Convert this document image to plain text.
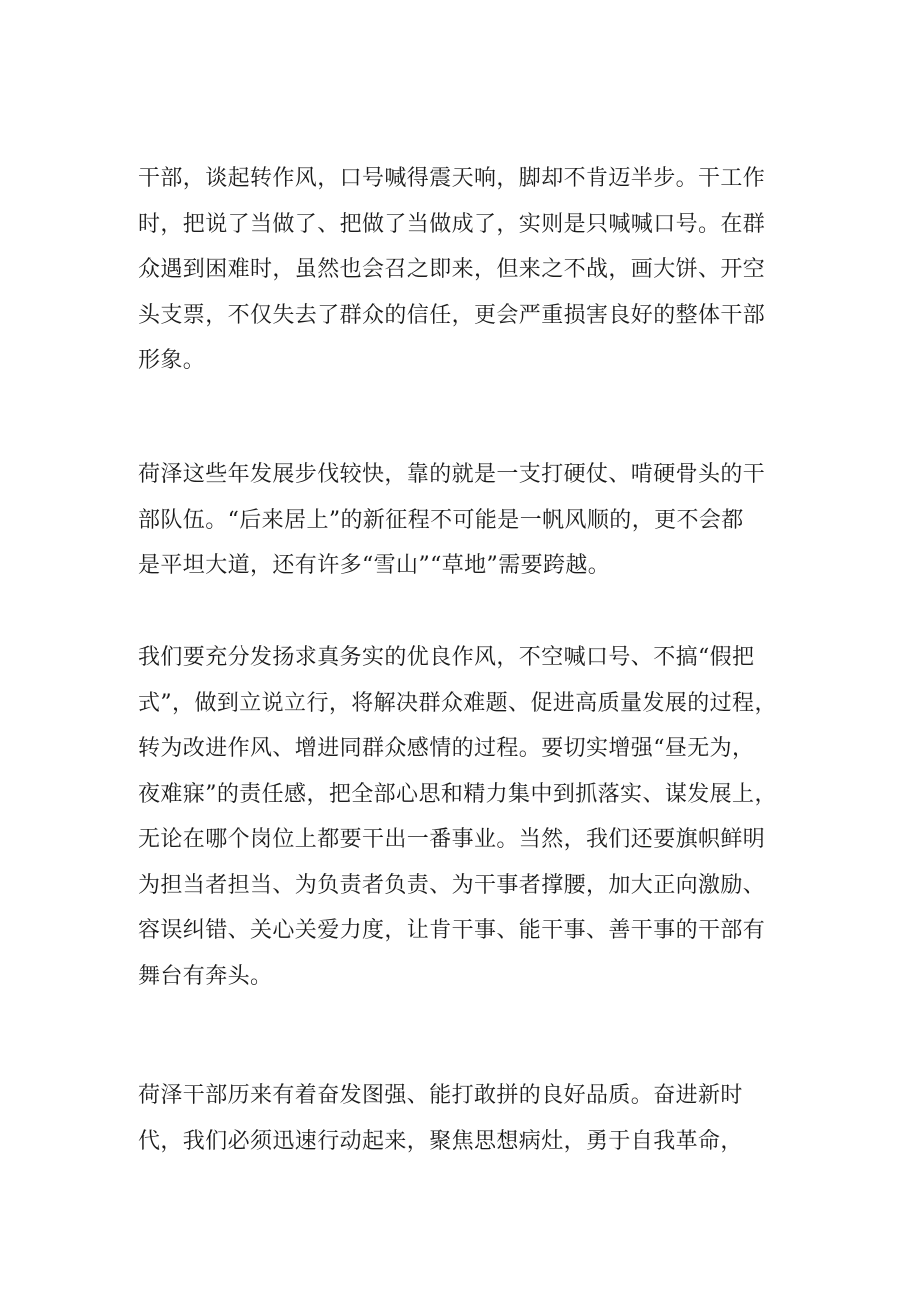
干部，谈起转作风，口号喊得震天响，脚却不肯迈半步。干工作
时，把说了当做了、把做了当做成了，实则是只喊喊口号。在群
众遇到困难时，虽然也会召之即来，但来之不战，画大饼、开空
头支票，不仅失去了群众的信任，更会严重损害良好的整体干部
形象。

荷泽这些年发展步伐较快，靠的就是一支打硬仗、啃硬骨头的干
部队伍。“后来居上”的新征程不可能是一帆风顺的，更不会都
是平坦大道，还有许多“雪山”“草地”需要跨越。

我们要充分发扬求真务实的优良作风，不空喊口号、不搞“假把
式”，做到立说立行，将解决群众难题、促进高质量发展的过程，
转为改进作风、增进同群众感情的过程。要切实增强“昼无为，
夜难寐”的责任感，把全部心思和精力集中到抓落实、谋发展上，
无论在哪个岗位上都要干出一番事业。当然，我们还要旗帜鲜明
为担当者担当、为负责者负责、为干事者撑腰，加大正向激励、
容误纠错、关心关爱力度，让肯干事、能干事、善干事的干部有
舞台有奔头。

荷泽干部历来有着奋发图强、能打敢拼的良好品质。奋进新时
代，我们必须迅速行动起来，聚焦思想病灶，勇于自我革命，
